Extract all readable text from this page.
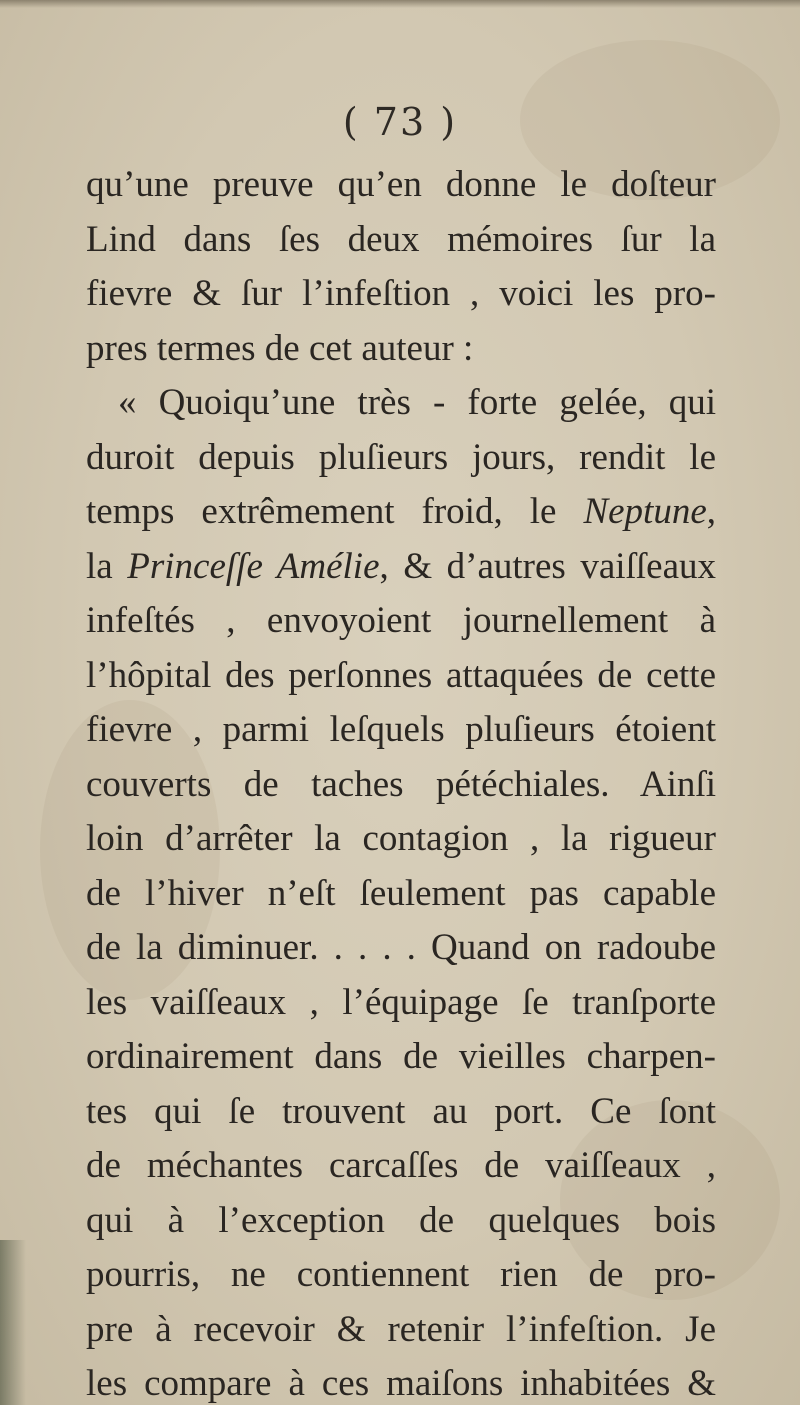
( 73 )
qu’une preuve qu’en donne le doſteur
Lind dans ſes deux mémoires ſur la
fievre & ſur l’infeſtion , voici les pro-
pres termes de cet auteur :
« Quoiqu’une très - forte gelée, qui
duroit depuis pluſieurs jours, rendit le
temps extrêmement froid, le Neptune,
la Princeſſe Amélie, & d’autres vaiſſeaux
infeſtés , envoyoient journellement à
l’hôpital des perſonnes attaquées de cette
fievre , parmi leſquels pluſieurs étoient
couverts de taches pétéchiales. Ainſi
loin d’arrêter la contagion , la rigueur
de l’hiver n’eſt ſeulement pas capable
de la diminuer. . . . . Quand on radoube
les vaiſſeaux , l’équipage ſe tranſporte
ordinairement dans de vieilles charpen-
tes qui ſe trouvent au port. Ce ſont
de méchantes carcaſſes de vaiſſeaux ,
qui à l’exception de quelques bois
pourris, ne contiennent rien de pro-
pre à recevoir & retenir l’infeſtion. Je
les compare à ces maiſons inhabitées &
